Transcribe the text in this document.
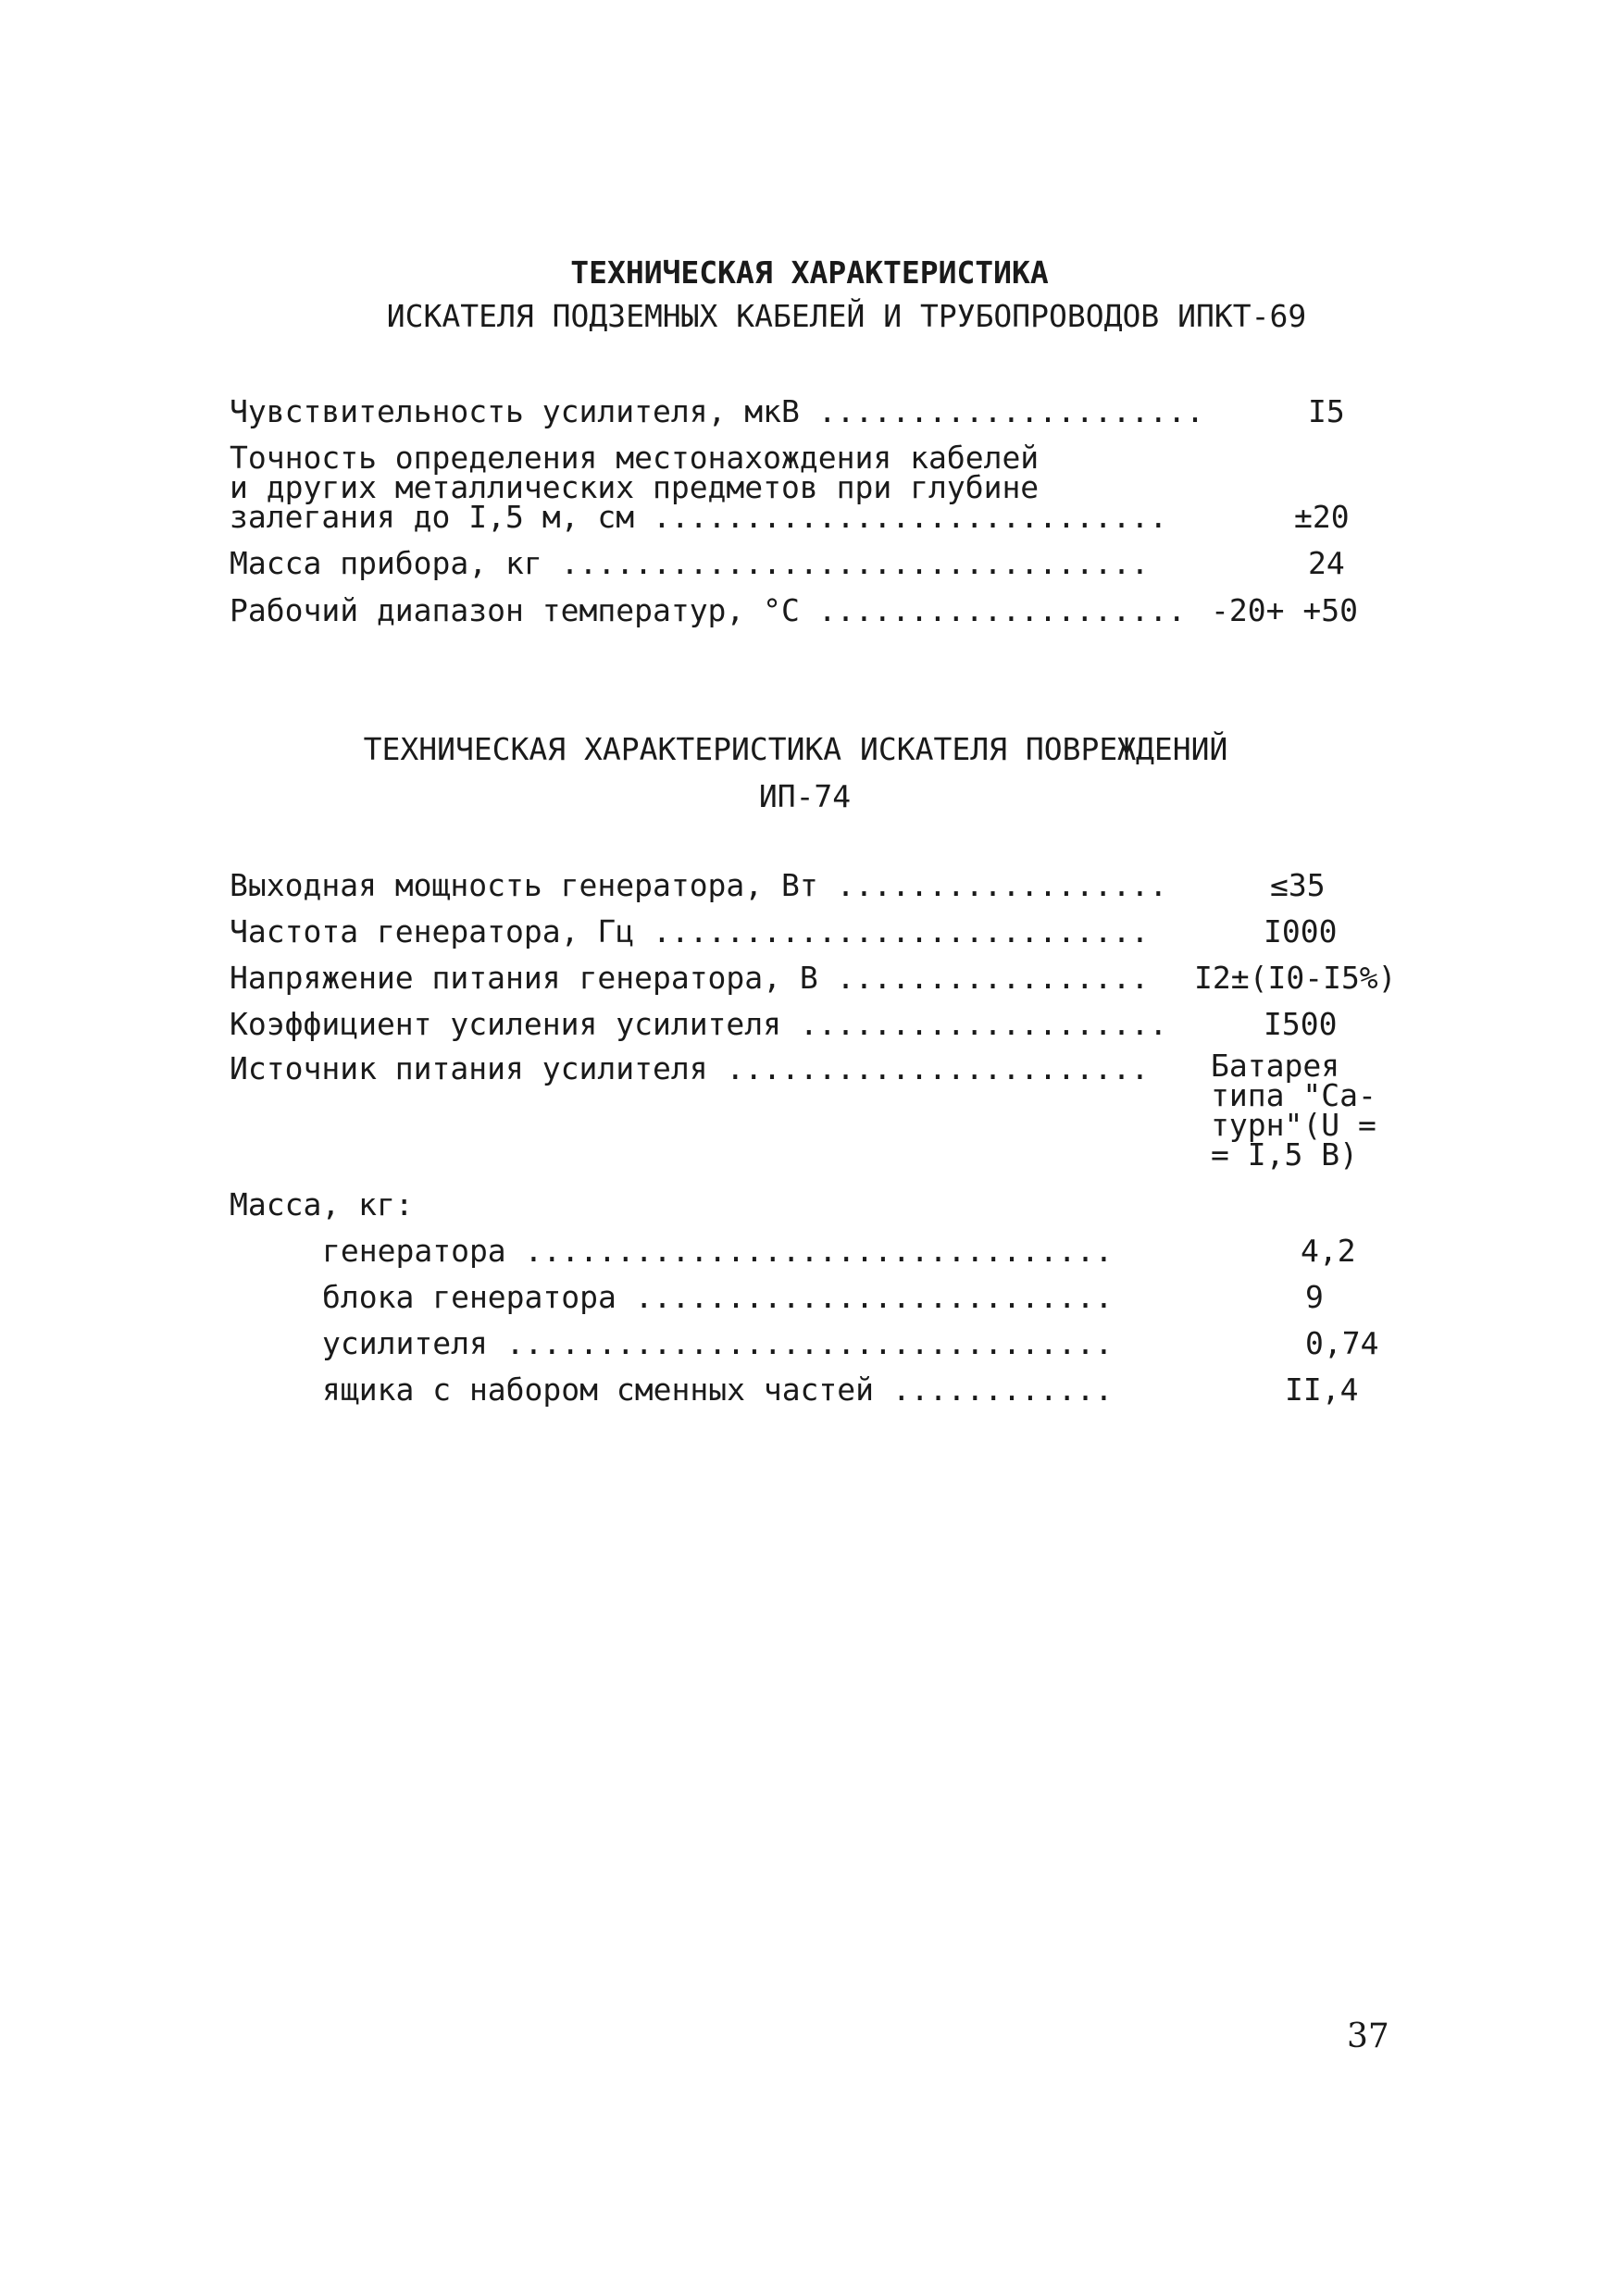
ТЕХНИЧЕСКАЯ ХАРАКТЕРИСТИКА
ИСКАТЕЛЯ ПОДЗЕМНЫХ КАБЕЛЕЙ И ТРУБОПРОВОДОВ ИПКТ-69
Чувствительность усилителя, мкВ .....................	I5
Точность определения местонахождения кабелей
и других металлических предметов при глубине
залегания до I,5 м, см ............................	±20
Масса прибора, кг ................................	24
Рабочий диапазон температур, °С .................... -20+ +50
ТЕХНИЧЕСКАЯ ХАРАКТЕРИСТИКА ИСКАТЕЛЯ ПОВРЕЖДЕНИЙ
ИП-74
Выходная мощность генератора, Вт ..................	≤35
Частота генератора, Гц ...........................	I000
Напряжение питания генератора, В ................. I2±(I0-I5%)
Коэффициент усиления усилителя ....................	I500
Источник питания усилителя ....................... Батарея
типа "Са-
турн"(U =
= I,5 В)
Масса, кг:
генератора ................................	4,2
блока генератора ..........................	9
усилителя .................................	0,74
ящика с набором сменных частей ............	II,4
37
